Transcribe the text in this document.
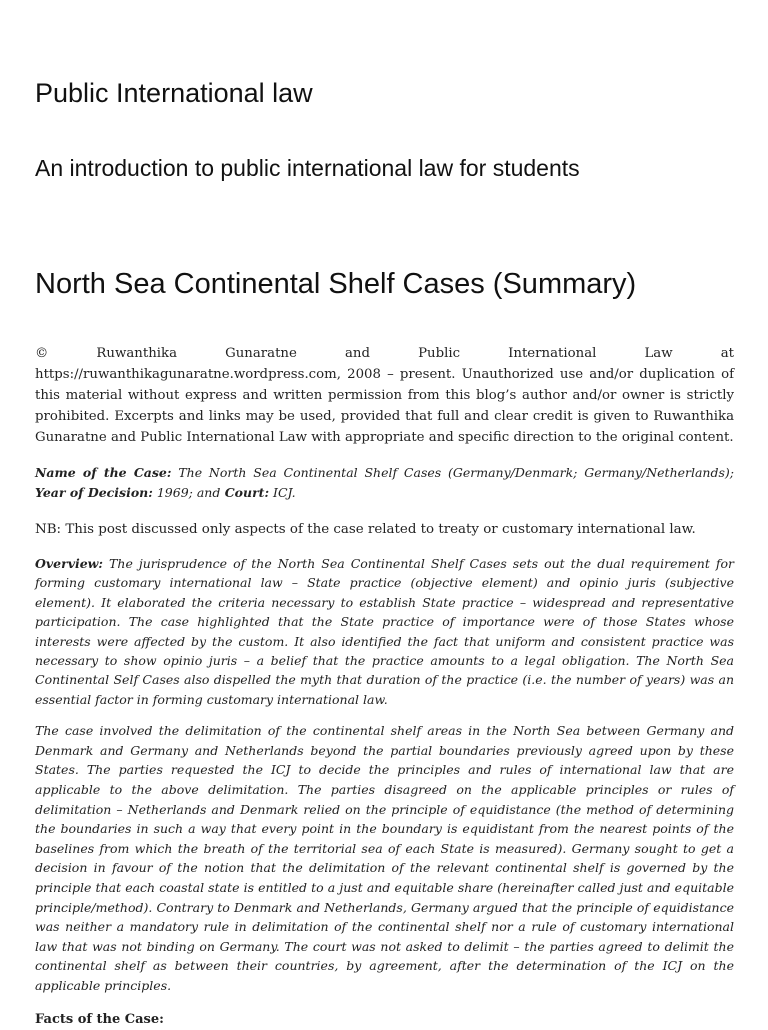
Public International law
An introduction to public international law for students
North Sea Continental Shelf Cases (Summary)

© Ruwanthika Gunaratne and Public International Law at https://ruwanthikagunaratne.wordpress.com, 2008 – present. Unauthorized use and/or duplication of this material without express and written permission from this blog’s author and/or owner is strictly prohibited. Excerpts and links may be used, provided that full and clear credit is given to Ruwanthika Gunaratne and Public International Law with appropriate and specific direction to the original content.

Name of the Case: The North Sea Continental Shelf Cases (Germany/Denmark; Germany/Netherlands); Year of Decision: 1969; and Court: ICJ.

NB: This post discussed only aspects of the case related to treaty or customary international law.

Overview: The jurisprudence of the North Sea Continental Shelf Cases sets out the dual requirement for forming customary international law – State practice (objective element) and opinio juris (subjective element). It elaborated the criteria necessary to establish State practice – widespread and representative participation. The case highlighted that the State practice of importance were of those States whose interests were affected by the custom. It also identified the fact that uniform and consistent practice was necessary to show opinio juris – a belief that the practice amounts to a legal obligation. The North Sea Continental Self Cases also dispelled the myth that duration of the practice (i.e. the number of years) was an essential factor in forming customary international law.

The case involved the delimitation of the continental shelf areas in the North Sea between Germany and Denmark and Germany and Netherlands beyond the partial boundaries previously agreed upon by these States. The parties requested the ICJ to decide the principles and rules of international law that are applicable to the above delimitation. The parties disagreed on the applicable principles or rules of delimitation – Netherlands and Denmark relied on the principle of equidistance (the method of determining the boundaries in such a way that every point in the boundary is equidistant from the nearest points of the baselines from which the breath of the territorial sea of each State is measured). Germany sought to get a decision in favour of the notion that the delimitation of the relevant continental shelf is governed by the principle that each coastal state is entitled to a just and equitable share (hereinafter called just and equitable principle/method). Contrary to Denmark and Netherlands, Germany argued that the principle of equidistance was neither a mandatory rule in delimitation of the continental shelf nor a rule of customary international law that was not binding on Germany. The court was not asked to delimit – the parties agreed to delimit the continental shelf as between their countries, by agreement, after the determination of the ICJ on the applicable principles.

Facts of the Case:
